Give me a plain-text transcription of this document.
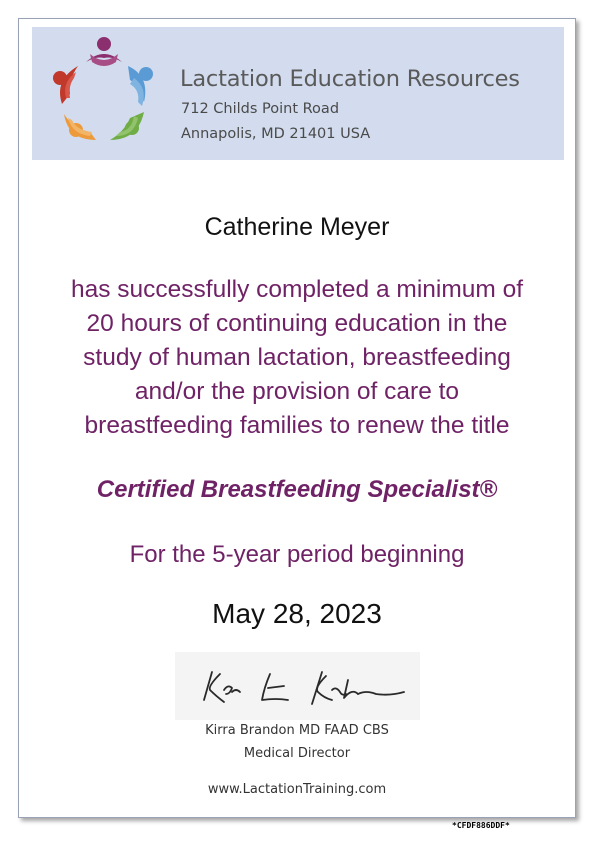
Lactation Education Resources
712 Childs Point Road
Annapolis, MD 21401 USA
Catherine Meyer
has successfully completed a minimum of
20 hours of continuing education in the
study of human lactation, breastfeeding
and/or the provision of care to
breastfeeding families to renew the title
Certified Breastfeeding Specialist®
For the 5-year period beginning
May 28, 2023
Kirra Brandon MD FAAD CBS
Medical Director
www.LactationTraining.com
*CFDF886DDF*
